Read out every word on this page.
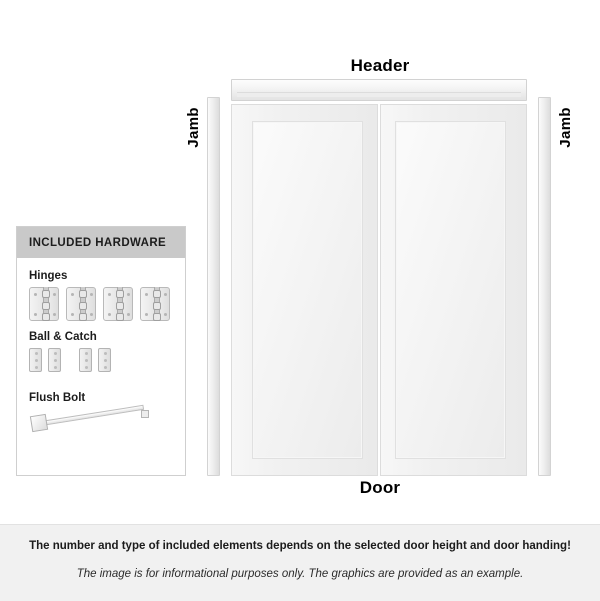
Header
Jamb	Jamb
Door
INCLUDED HARDWARE
Hinges
Ball & Catch
Flush Bolt
The number and type of included elements depends on the selected door height and door handing!
The image is for informational purposes only. The graphics are provided as an example.
